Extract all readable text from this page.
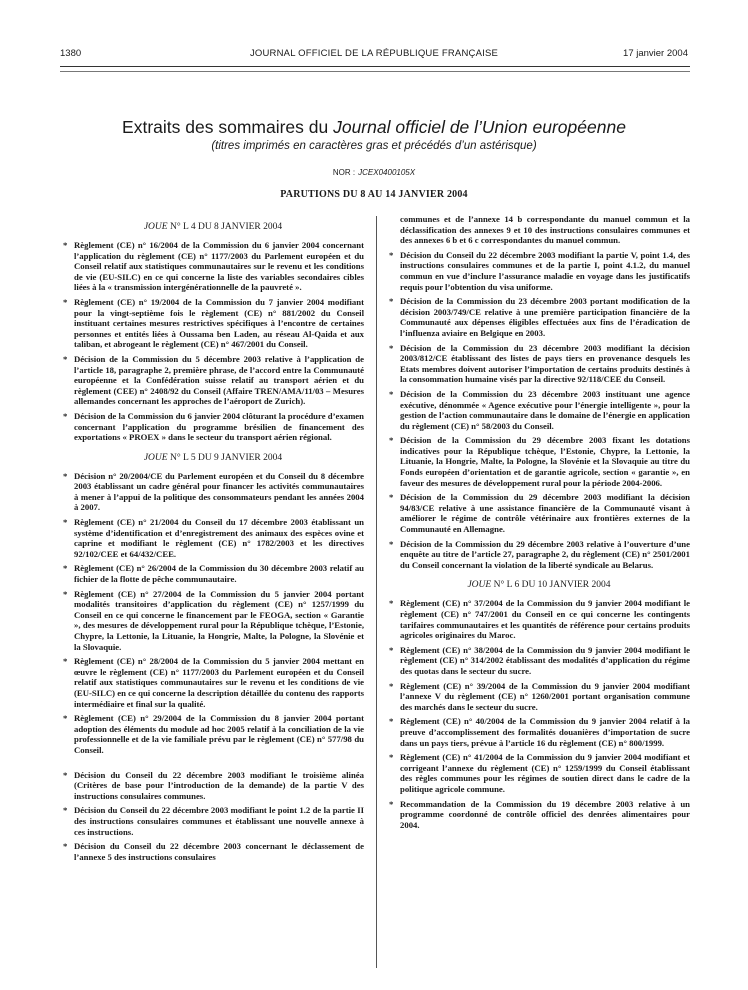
1380	JOURNAL OFFICIEL DE LA RÉPUBLIQUE FRANÇAISE	17 janvier 2004
Extraits des sommaires du Journal officiel de l’Union européenne
(titres imprimés en caractères gras et précédés d’un astérisque)
NOR : JCEX0400105X
PARUTIONS DU 8 AU 14 JANVIER 2004
JOUE N° L 4 DU 8 JANVIER 2004
* Règlement (CE) n° 16/2004 de la Commission du 6 janvier 2004 concernant l’application du règlement (CE) n° 1177/2003 du Parlement européen et du Conseil relatif aux statistiques communautaires sur le revenu et les conditions de vie (EU-SILC) en ce qui concerne la liste des variables secondaires cibles liées à la « transmission intergénérationnelle de la pauvreté ».
* Règlement (CE) n° 19/2004 de la Commission du 7 janvier 2004 modifiant pour la vingt-septième fois le règlement (CE) n° 881/2002 du Conseil instituant certaines mesures restrictives spécifiques à l’encontre de certaines personnes et entités liées à Oussama ben Laden, au réseau Al-Qaida et aux taliban, et abrogeant le règlement (CE) n° 467/2001 du Conseil.
* Décision de la Commission du 5 décembre 2003 relative à l’application de l’article 18, paragraphe 2, première phrase, de l’accord entre la Communauté européenne et la Confédération suisse relatif au transport aérien et du règlement (CEE) n° 2408/92 du Conseil (Affaire TREN/AMA/11/03 – Mesures allemandes concernant les approches de l’aéroport de Zurich).
* Décision de la Commission du 6 janvier 2004 clôturant la procédure d’examen concernant l’application du programme brésilien de financement des exportations « PROEX » dans le secteur du transport aérien régional.
JOUE N° L 5 DU 9 JANVIER 2004
* Décision n° 20/2004/CE du Parlement européen et du Conseil du 8 décembre 2003 établissant un cadre général pour financer les activités communautaires à mener à l’appui de la politique des consommateurs pendant les années 2004 à 2007.
* Règlement (CE) n° 21/2004 du Conseil du 17 décembre 2003 établissant un système d’identification et d’enregistrement des animaux des espèces ovine et caprine et modifiant le règlement (CE) n° 1782/2003 et les directives 92/102/CEE et 64/432/CEE.
* Règlement (CE) n° 26/2004 de la Commission du 30 décembre 2003 relatif au fichier de la flotte de pêche communautaire.
* Règlement (CE) n° 27/2004 de la Commission du 5 janvier 2004 portant modalités transitoires d’application du règlement (CE) n° 1257/1999 du Conseil en ce qui concerne le financement par le FEOGA, section « Garantie », des mesures de développement rural pour la République tchèque, l’Estonie, Chypre, la Lettonie, la Lituanie, la Hongrie, Malte, la Pologne, la Slovénie et la Slovaquie.
* Règlement (CE) n° 28/2004 de la Commission du 5 janvier 2004 mettant en œuvre le règlement (CE) n° 1177/2003 du Parlement européen et du Conseil relatif aux statistiques communautaires sur le revenu et les conditions de vie (EU-SILC) en ce qui concerne la description détaillée du contenu des rapports intermédiaire et final sur la qualité.
* Règlement (CE) n° 29/2004 de la Commission du 8 janvier 2004 portant adoption des éléments du module ad hoc 2005 relatif à la conciliation de la vie professionnelle et de la vie familiale prévu par le règlement (CE) n° 577/98 du Conseil.
* Décision du Conseil du 22 décembre 2003 modifiant le troisième alinéa (Critères de base pour l’introduction de la demande) de la partie V des instructions consulaires communes.
* Décision du Conseil du 22 décembre 2003 modifiant le point 1.2 de la partie II des instructions consulaires communes et établissant une nouvelle annexe à ces instructions.
* Décision du Conseil du 22 décembre 2003 concernant le déclassement de l’annexe 5 des instructions consulaires
communes et de l’annexe 14 b correspondante du manuel commun et la déclassification des annexes 9 et 10 des instructions consulaires communes et des annexes 6 b et 6 c correspondantes du manuel commun.
* Décision du Conseil du 22 décembre 2003 modifiant la partie V, point 1.4, des instructions consulaires communes et de la partie I, point 4.1.2, du manuel commun en vue d’inclure l’assurance maladie en voyage dans les justificatifs requis pour l’obtention du visa uniforme.
* Décision de la Commission du 23 décembre 2003 portant modification de la décision 2003/749/CE relative à une première participation financière de la Communauté aux dépenses éligibles effectuées aux fins de l’éradication de l’influenza aviaire en Belgique en 2003.
* Décision de la Commission du 23 décembre 2003 modifiant la décision 2003/812/CE établissant des listes de pays tiers en provenance desquels les Etats membres doivent autoriser l’importation de certains produits destinés à la consommation humaine visés par la directive 92/118/CEE du Conseil.
* Décision de la Commission du 23 décembre 2003 instituant une agence exécutive, dénommée « Agence exécutive pour l’énergie intelligente », pour la gestion de l’action communautaire dans le domaine de l’énergie en application du règlement (CE) n° 58/2003 du Conseil.
* Décision de la Commission du 29 décembre 2003 fixant les dotations indicatives pour la République tchèque, l’Estonie, Chypre, la Lettonie, la Lituanie, la Hongrie, Malte, la Pologne, la Slovénie et la Slovaquie au titre du Fonds européen d’orientation et de garantie agricole, section « garantie », en faveur des mesures de développement rural pour la période 2004-2006.
* Décision de la Commission du 29 décembre 2003 modifiant la décision 94/83/CE relative à une assistance financière de la Communauté visant à améliorer le régime de contrôle vétérinaire aux frontières externes de la Communauté en Allemagne.
* Décision de la Commission du 29 décembre 2003 relative à l’ouverture d’une enquête au titre de l’article 27, paragraphe 2, du règlement (CE) n° 2501/2001 du Conseil concernant la violation de la liberté syndicale au Belarus.
JOUE N° L 6 DU 10 JANVIER 2004
* Règlement (CE) n° 37/2004 de la Commission du 9 janvier 2004 modifiant le règlement (CE) n° 747/2001 du Conseil en ce qui concerne les contingents tarifaires communautaires et les quantités de référence pour certains produits agricoles originaires du Maroc.
* Règlement (CE) n° 38/2004 de la Commission du 9 janvier 2004 modifiant le règlement (CE) n° 314/2002 établissant des modalités d’application du régime des quotas dans le secteur du sucre.
* Règlement (CE) n° 39/2004 de la Commission du 9 janvier 2004 modifiant l’annexe V du règlement (CE) n° 1260/2001 portant organisation commune des marchés dans le secteur du sucre.
* Règlement (CE) n° 40/2004 de la Commission du 9 janvier 2004 relatif à la preuve d’accomplissement des formalités douanières d’importation de sucre dans un pays tiers, prévue à l’article 16 du règlement (CE) n° 800/1999.
* Règlement (CE) n° 41/2004 de la Commission du 9 janvier 2004 modifiant et corrigeant l’annexe du règlement (CE) n° 1259/1999 du Conseil établissant des règles communes pour les régimes de soutien direct dans le cadre de la politique agricole commune.
* Recommandation de la Commission du 19 décembre 2003 relative à un programme coordonné de contrôle officiel des denrées alimentaires pour 2004.
